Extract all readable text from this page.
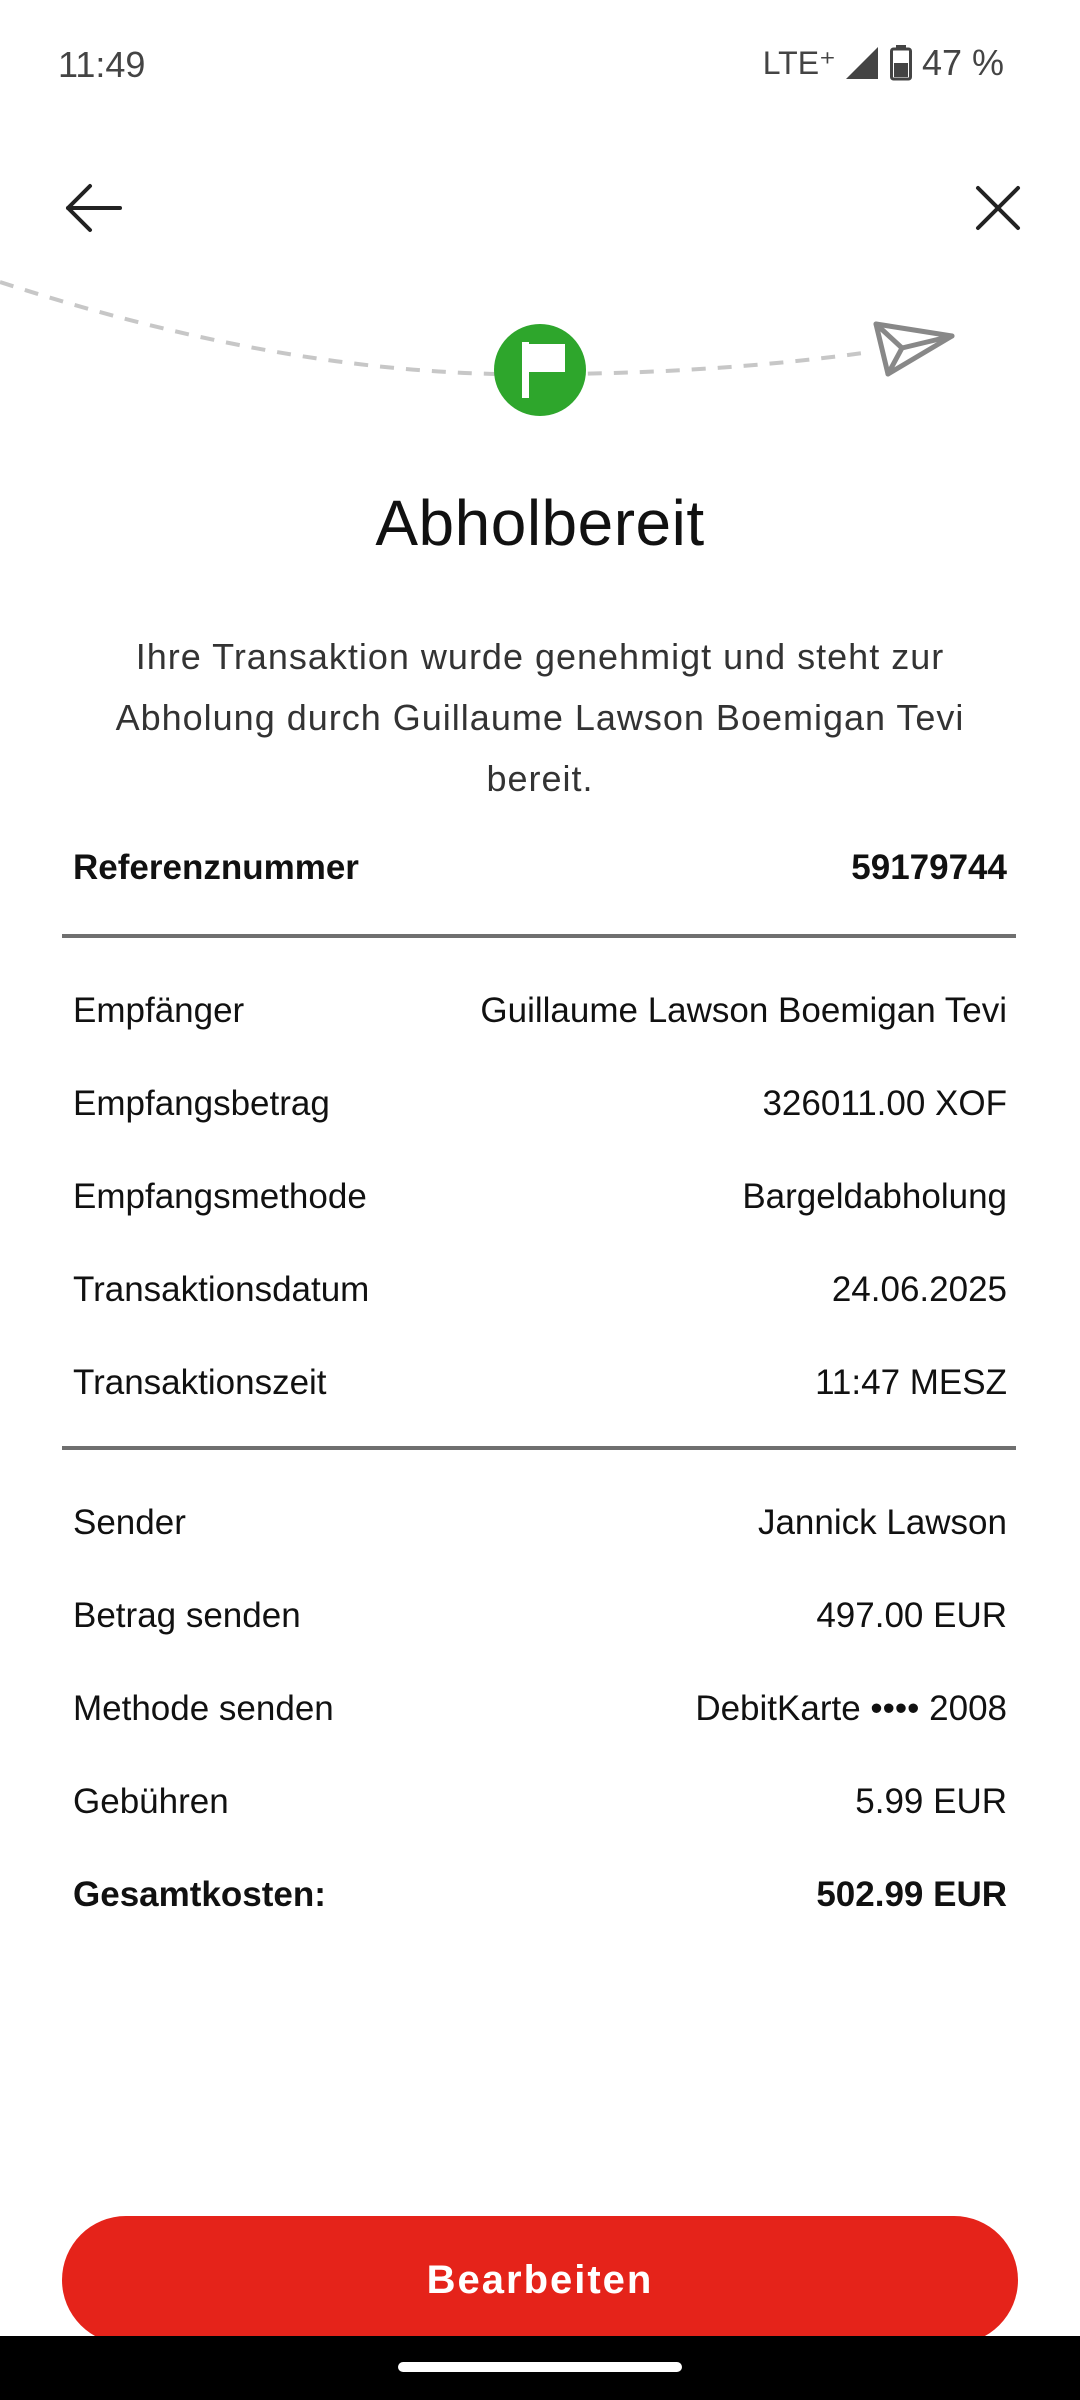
11:49	LTE⁺ 47 %
Abholbereit
Ihre Transaktion wurde genehmigt und steht zur Abholung durch Guillaume Lawson Boemigan Tevi bereit.
Referenznummer	59179744
Empfänger	Guillaume Lawson Boemigan Tevi
Empfangsbetrag	326011.00 XOF
Empfangsmethode	Bargeldabholung
Transaktionsdatum	24.06.2025
Transaktionszeit	11:47 MESZ
Sender	Jannick Lawson
Betrag senden	497.00 EUR
Methode senden	DebitKarte •••• 2008
Gebühren	5.99 EUR
Gesamtkosten:	502.99 EUR
Bearbeiten
